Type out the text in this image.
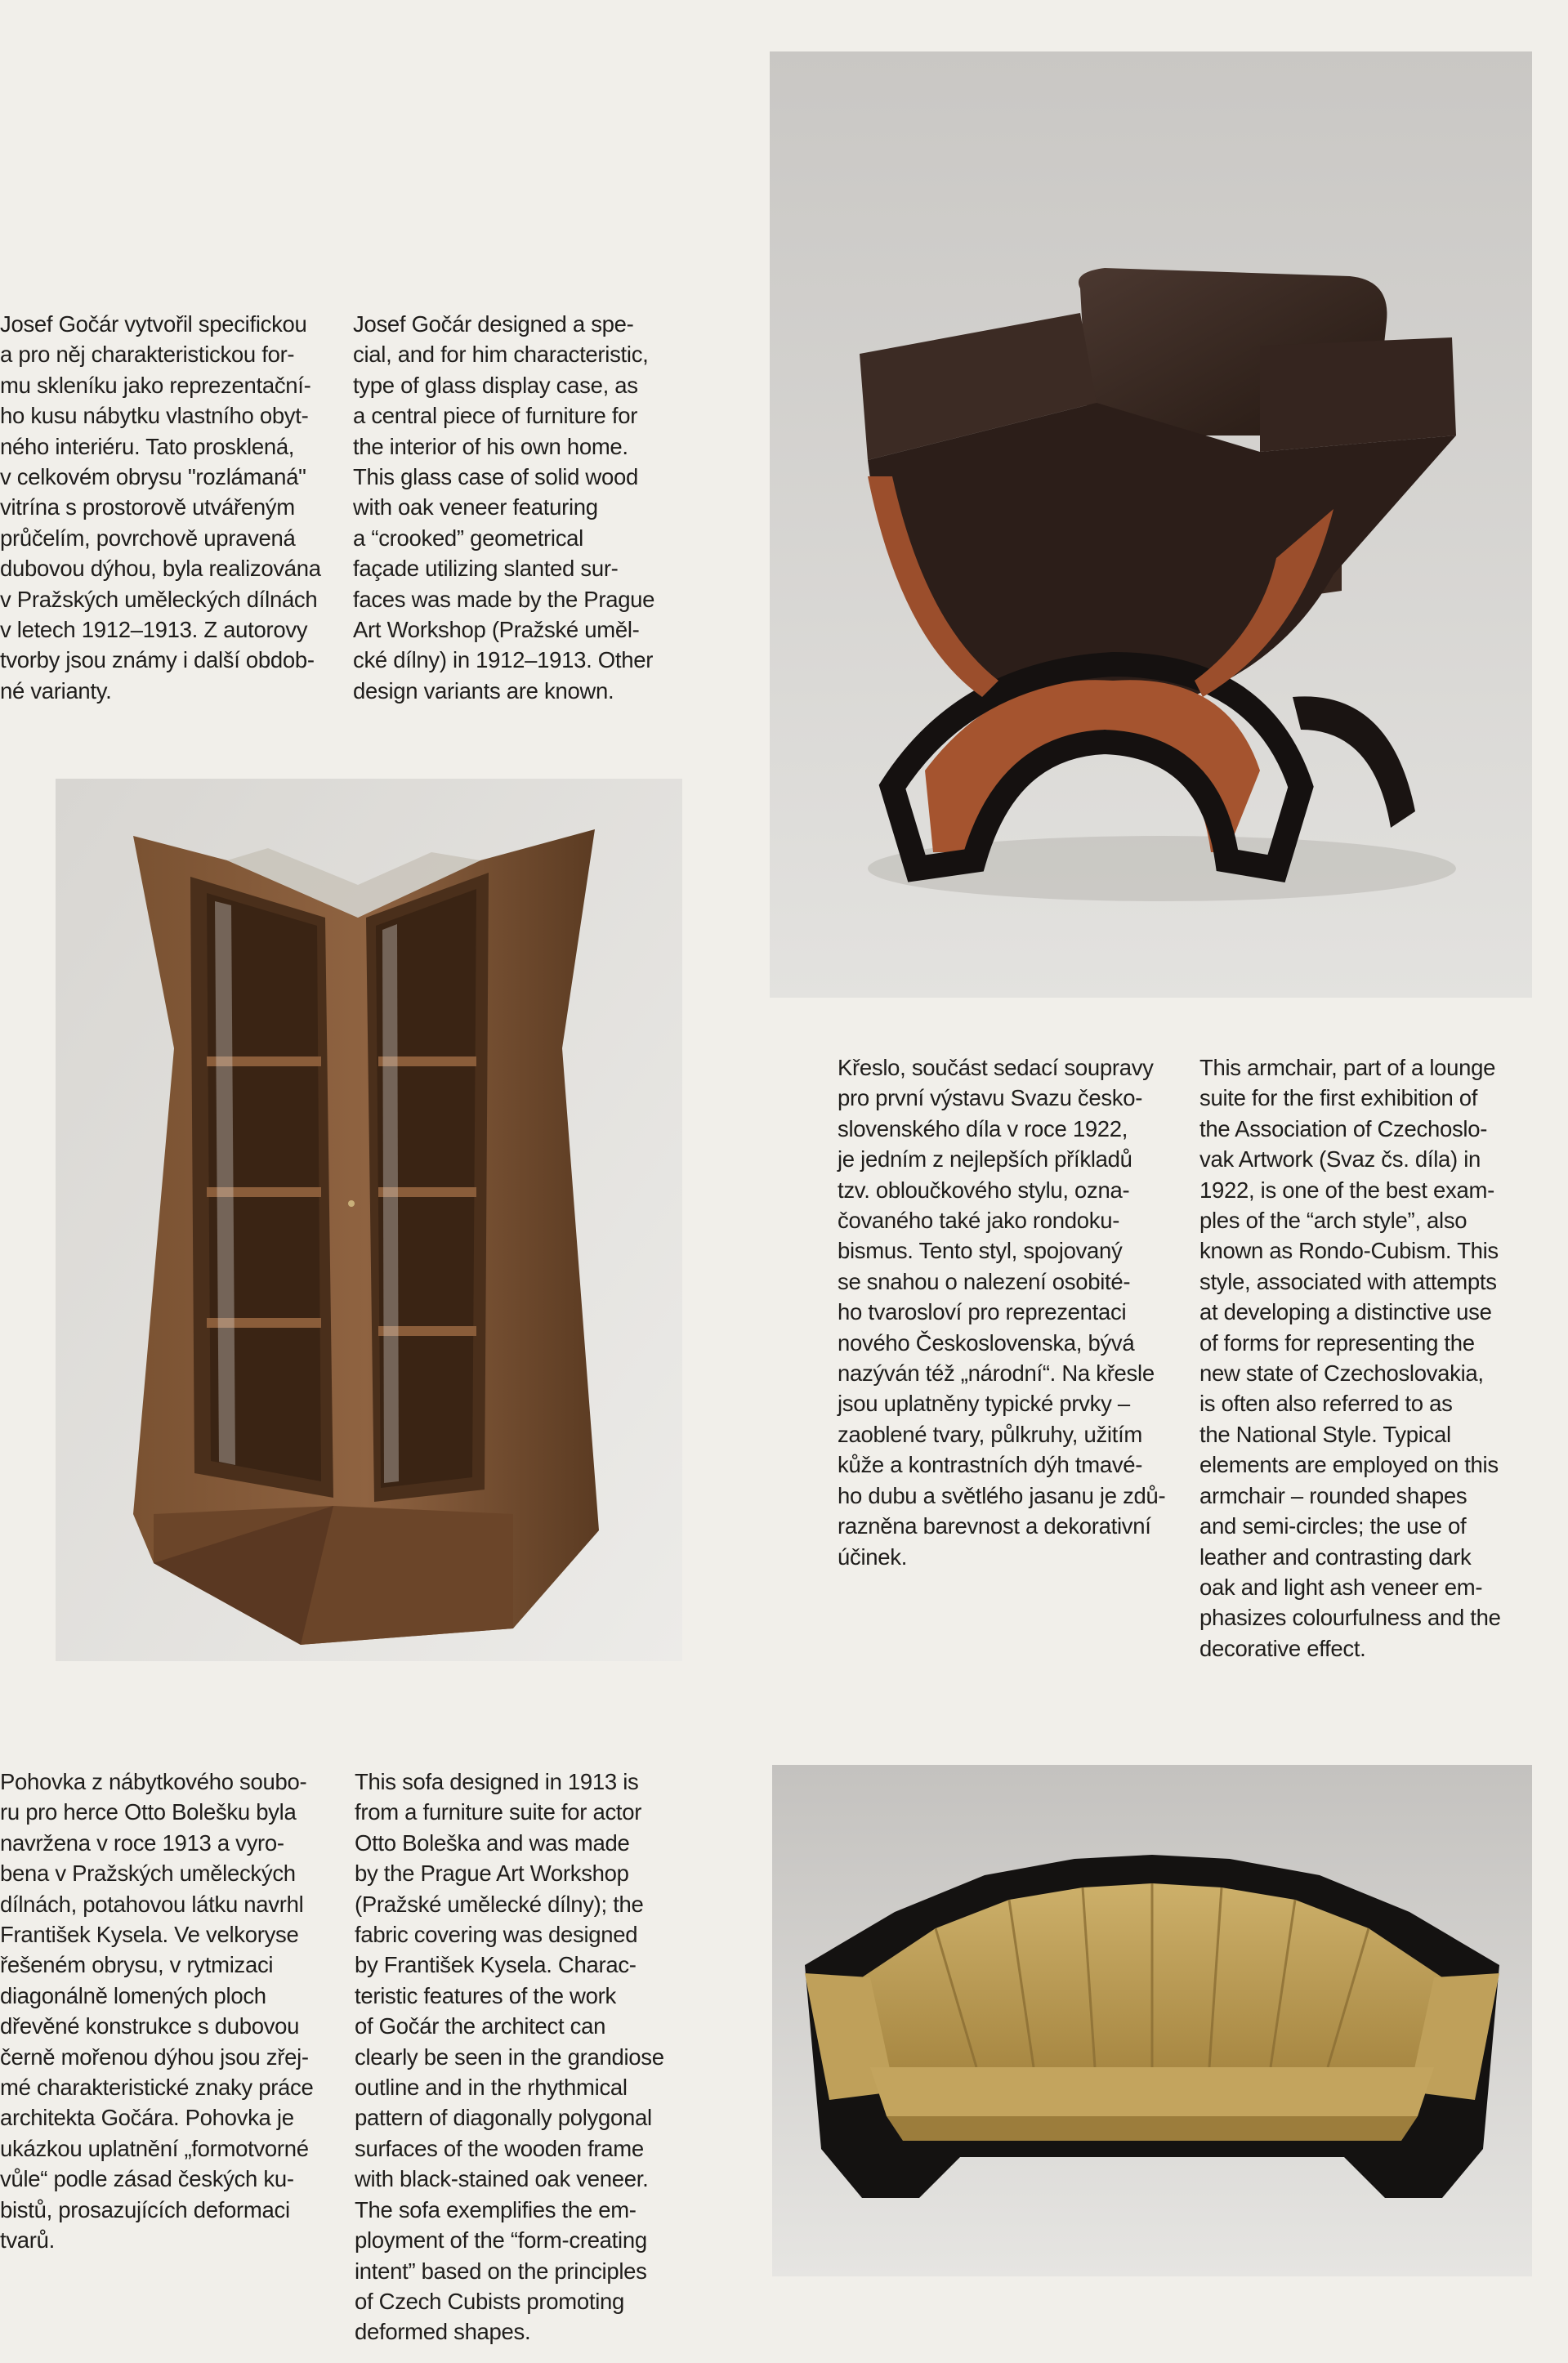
Josef Gočár vytvořil specifickou
a pro něj charakteristickou for-
mu skleníku jako reprezentační-
ho kusu nábytku vlastního obyt-
ného interiéru. Tato prosklená,
v celkovém obrysu "rozlámaná"
vitrína s prostorově utvářeným
průčelím, povrchově upravená
dubovou dýhou, byla realizována
v Pražských uměleckých dílnách
v letech 1912–1913. Z autorovy
tvorby jsou známy i další obdob-
né varianty.
Josef Gočár designed a spe-
cial, and for him characteristic,
type of glass display case, as
a central piece of furniture for
the interior of his own home.
This glass case of solid wood
with oak veneer featuring
a “crooked” geometrical
façade utilizing slanted sur-
faces was made by the Prague
Art Workshop (Pražské uměl-
cké dílny) in 1912–1913. Other
design variants are known.
Křeslo, součást sedací soupravy
pro první výstavu Svazu česko-
slovenského díla v roce 1922,
je jedním z nejlepších příkladů
tzv. obloučkového stylu, ozna-
čovaného také jako rondoku-
bismus. Tento styl, spojovaný
se snahou o nalezení osobité-
ho tvarosloví pro reprezentaci
nového Československa, bývá
nazýván též „národní“. Na křesle
jsou uplatněny typické prvky –
zaoblené tvary, půlkruhy, užitím
kůže a kontrastních dýh tmavé-
ho dubu a světlého jasanu je zdů-
razněna barevnost a dekorativní
účinek.
This armchair, part of a lounge
suite for the first exhibition of
the Association of Czechoslo-
vak Artwork (Svaz čs. díla) in
1922, is one of the best exam-
ples of the “arch style”, also
known as Rondo-Cubism. This
style, associated with attempts
at developing a distinctive use
of forms for representing the
new state of Czechoslovakia,
is often also referred to as
the National Style. Typical
elements are employed on this
armchair – rounded shapes
and semi-circles; the use of
leather and contrasting dark
oak and light ash veneer em-
phasizes colourfulness and the
decorative effect.
Pohovka z nábytkového soubo-
ru pro herce Otto Bolešku byla
navržena v roce 1913 a vyro-
bena v Pražských uměleckých
dílnách, potahovou látku navrhl
František Kysela. Ve velkoryse
řešeném obrysu, v rytmizaci
diagonálně lomených ploch
dřevěné konstrukce s dubovou
černě mořenou dýhou jsou zřej-
mé charakteristické znaky práce
architekta Gočára. Pohovka je
ukázkou uplatnění „formotvorné
vůle“ podle zásad českých ku-
bistů, prosazujících deformaci
tvarů.
This sofa designed in 1913 is
from a furniture suite for actor
Otto Boleška and was made
by the Prague Art Workshop
(Pražské umělecké dílny); the
fabric covering was designed
by František Kysela. Charac-
teristic features of the work
of Gočár the architect can
clearly be seen in the grandiose
outline and in the rhythmical
pattern of diagonally polygonal
surfaces of the wooden frame
with black-stained oak veneer.
The sofa exemplifies the em-
ployment of the “form-creating
intent” based on the principles
of Czech Cubists promoting
deformed shapes.
